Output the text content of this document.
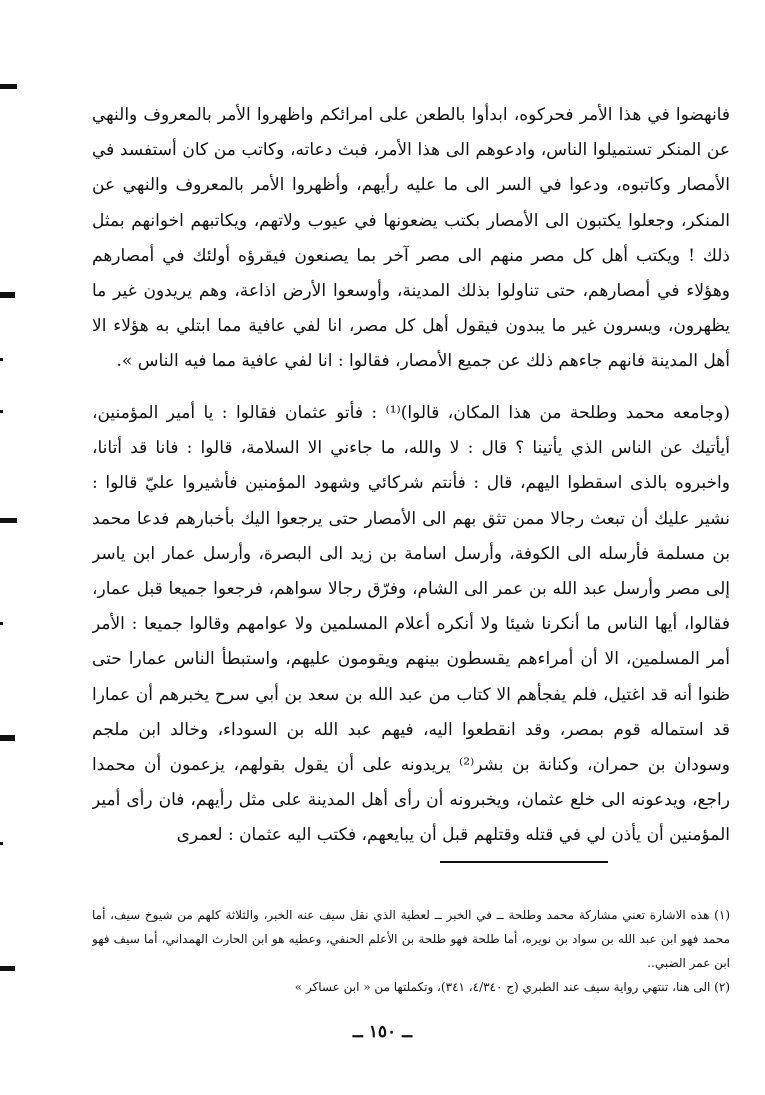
فانهضوا في هذا الأمر فحركوه، ابدأوا بالطعن على امرائكم واظهروا الأمر بالمعروف والنهي عن المنكر تستميلوا الناس، وادعوهم الى هذا الأمر، فبث دعاته، وكاتب من كان أستفسد في الأمصار وكاتبوه، ودعوا في السر الى ما عليه رأيهم، وأظهروا الأمر بالمعروف والنهي عن المنكر، وجعلوا يكتبون الى الأمصار بكتب يضعونها في عيوب ولاتهم، ويكاتبهم اخوانهم بمثل ذلك ! ويكتب أهل كل مصر منهم الى مصر آخر بما يصنعون فيقرؤه أولئك في أمصارهم وهؤلاء في أمصارهم، حتى تناولوا بذلك المدينة، وأوسعوا الأرض اذاعة، وهم يريدون غير ما يظهرون، ويسرون غير ما يبدون فيقول أهل كل مصر، انا لفي عافية مما ابتلي به هؤلاء الا أهل المدينة فانهم جاءهم ذلك عن جميع الأمصار، فقالوا : انا لفي عافية مما فيه الناس ».

(وجامعه محمد وطلحة من هذا المكان، قالوا)⁽¹⁾ : فأتو عثمان فقالوا : يا أمير المؤمنين، أيأتيك عن الناس الذي يأتينا ؟ قال : لا والله، ما جاءني الا السلامة، قالوا : فانا قد أتانا، واخبروه بالذى اسقطوا اليهم، قال : فأنتم شركائي وشهود المؤمنين فأشيروا عليّ قالوا : نشير عليك أن تبعث رجالا ممن تثق بهم الى الأمصار حتى يرجعوا اليك بأخبارهم فدعا محمد بن مسلمة فأرسله الى الكوفة، وأرسل اسامة بن زيد الى البصرة، وأرسل عمار ابن ياسر إلى مصر وأرسل عبد الله بن عمر الى الشام، وفرّق رجالا سواهم، فرجعوا جميعا قبل عمار، فقالوا، أيها الناس ما أنكرنا شيئا ولا أنكره أعلام المسلمين ولا عوامهم وقالوا جميعا : الأمر أمر المسلمين، الا أن أمراءهم يقسطون بينهم ويقومون عليهم، واستبطأ الناس عمارا حتى ظنوا أنه قد اغتيل، فلم يفجأهم الا كتاب من عبد الله بن سعد بن أبي سرح يخبرهم أن عمارا قد استماله قوم بمصر، وقد انقطعوا اليه، فيهم عبد الله بن السوداء، وخالد ابن ملجم وسودان بن حمران، وكنانة بن بشر⁽²⁾ يريدونه على أن يقول بقولهم، يزعمون أن محمدا راجع، ويدعونه الى خلع عثمان، ويخبرونه أن رأى أهل المدينة على مثل رأيهم، فان رأى أمير المؤمنين أن يأذن لي في قتله وقتلهم قبل أن يبايعهم، فكتب اليه عثمان : لعمرى

(١) هذه الاشارة تعني مشاركة محمد وطلحة ــ في الخبر ــ لعطية الذي نقل سيف عنه الخبر، والثلاثة كلهم من شيوخ سيف، أما محمد فهو ابن عبد الله بن سواد بن نويره، أما طلحة فهو طلحة بن الأعلم الحنفي، وعطيه هو ابن الحارث الهمداني، أما سيف فهو ابن عمر الضبي..

(٢) الى هنا، تنتهي رواية سيف عند الطبري (ج ٤/٣٤٠، ٣٤١)، وتكملتها من « ابن عساكر »

ــ ١٥٠ ــ
